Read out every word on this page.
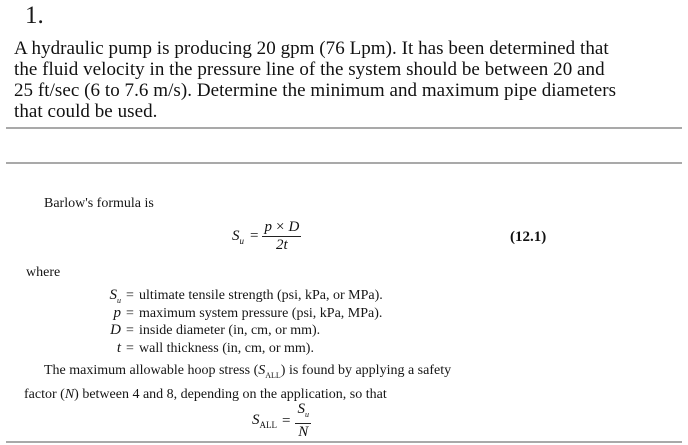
1.
A hydraulic pump is producing 20 gpm (76 Lpm). It has been determined that
the fluid velocity in the pressure line of the system should be between 20 and
25 ft/sec (6 to 7.6 m/s). Determine the minimum and maximum pipe diameters
that could be used.
Barlow's formula is
$S_u = \frac{p \times D}{2t}$	(12.1)
where
$S_u$ = ultimate tensile strength (psi, kPa, or MPa).
p = maximum system pressure (psi, kPa, MPa).
D = inside diameter (in, cm, or mm).
t = wall thickness (in, cm, or mm).
The maximum allowable hoop stress $(S_{ALL})$ is found by applying a safety
factor (N) between 4 and 8, depending on the application, so that
$S_{ALL} = \frac{S_u}{N}$
